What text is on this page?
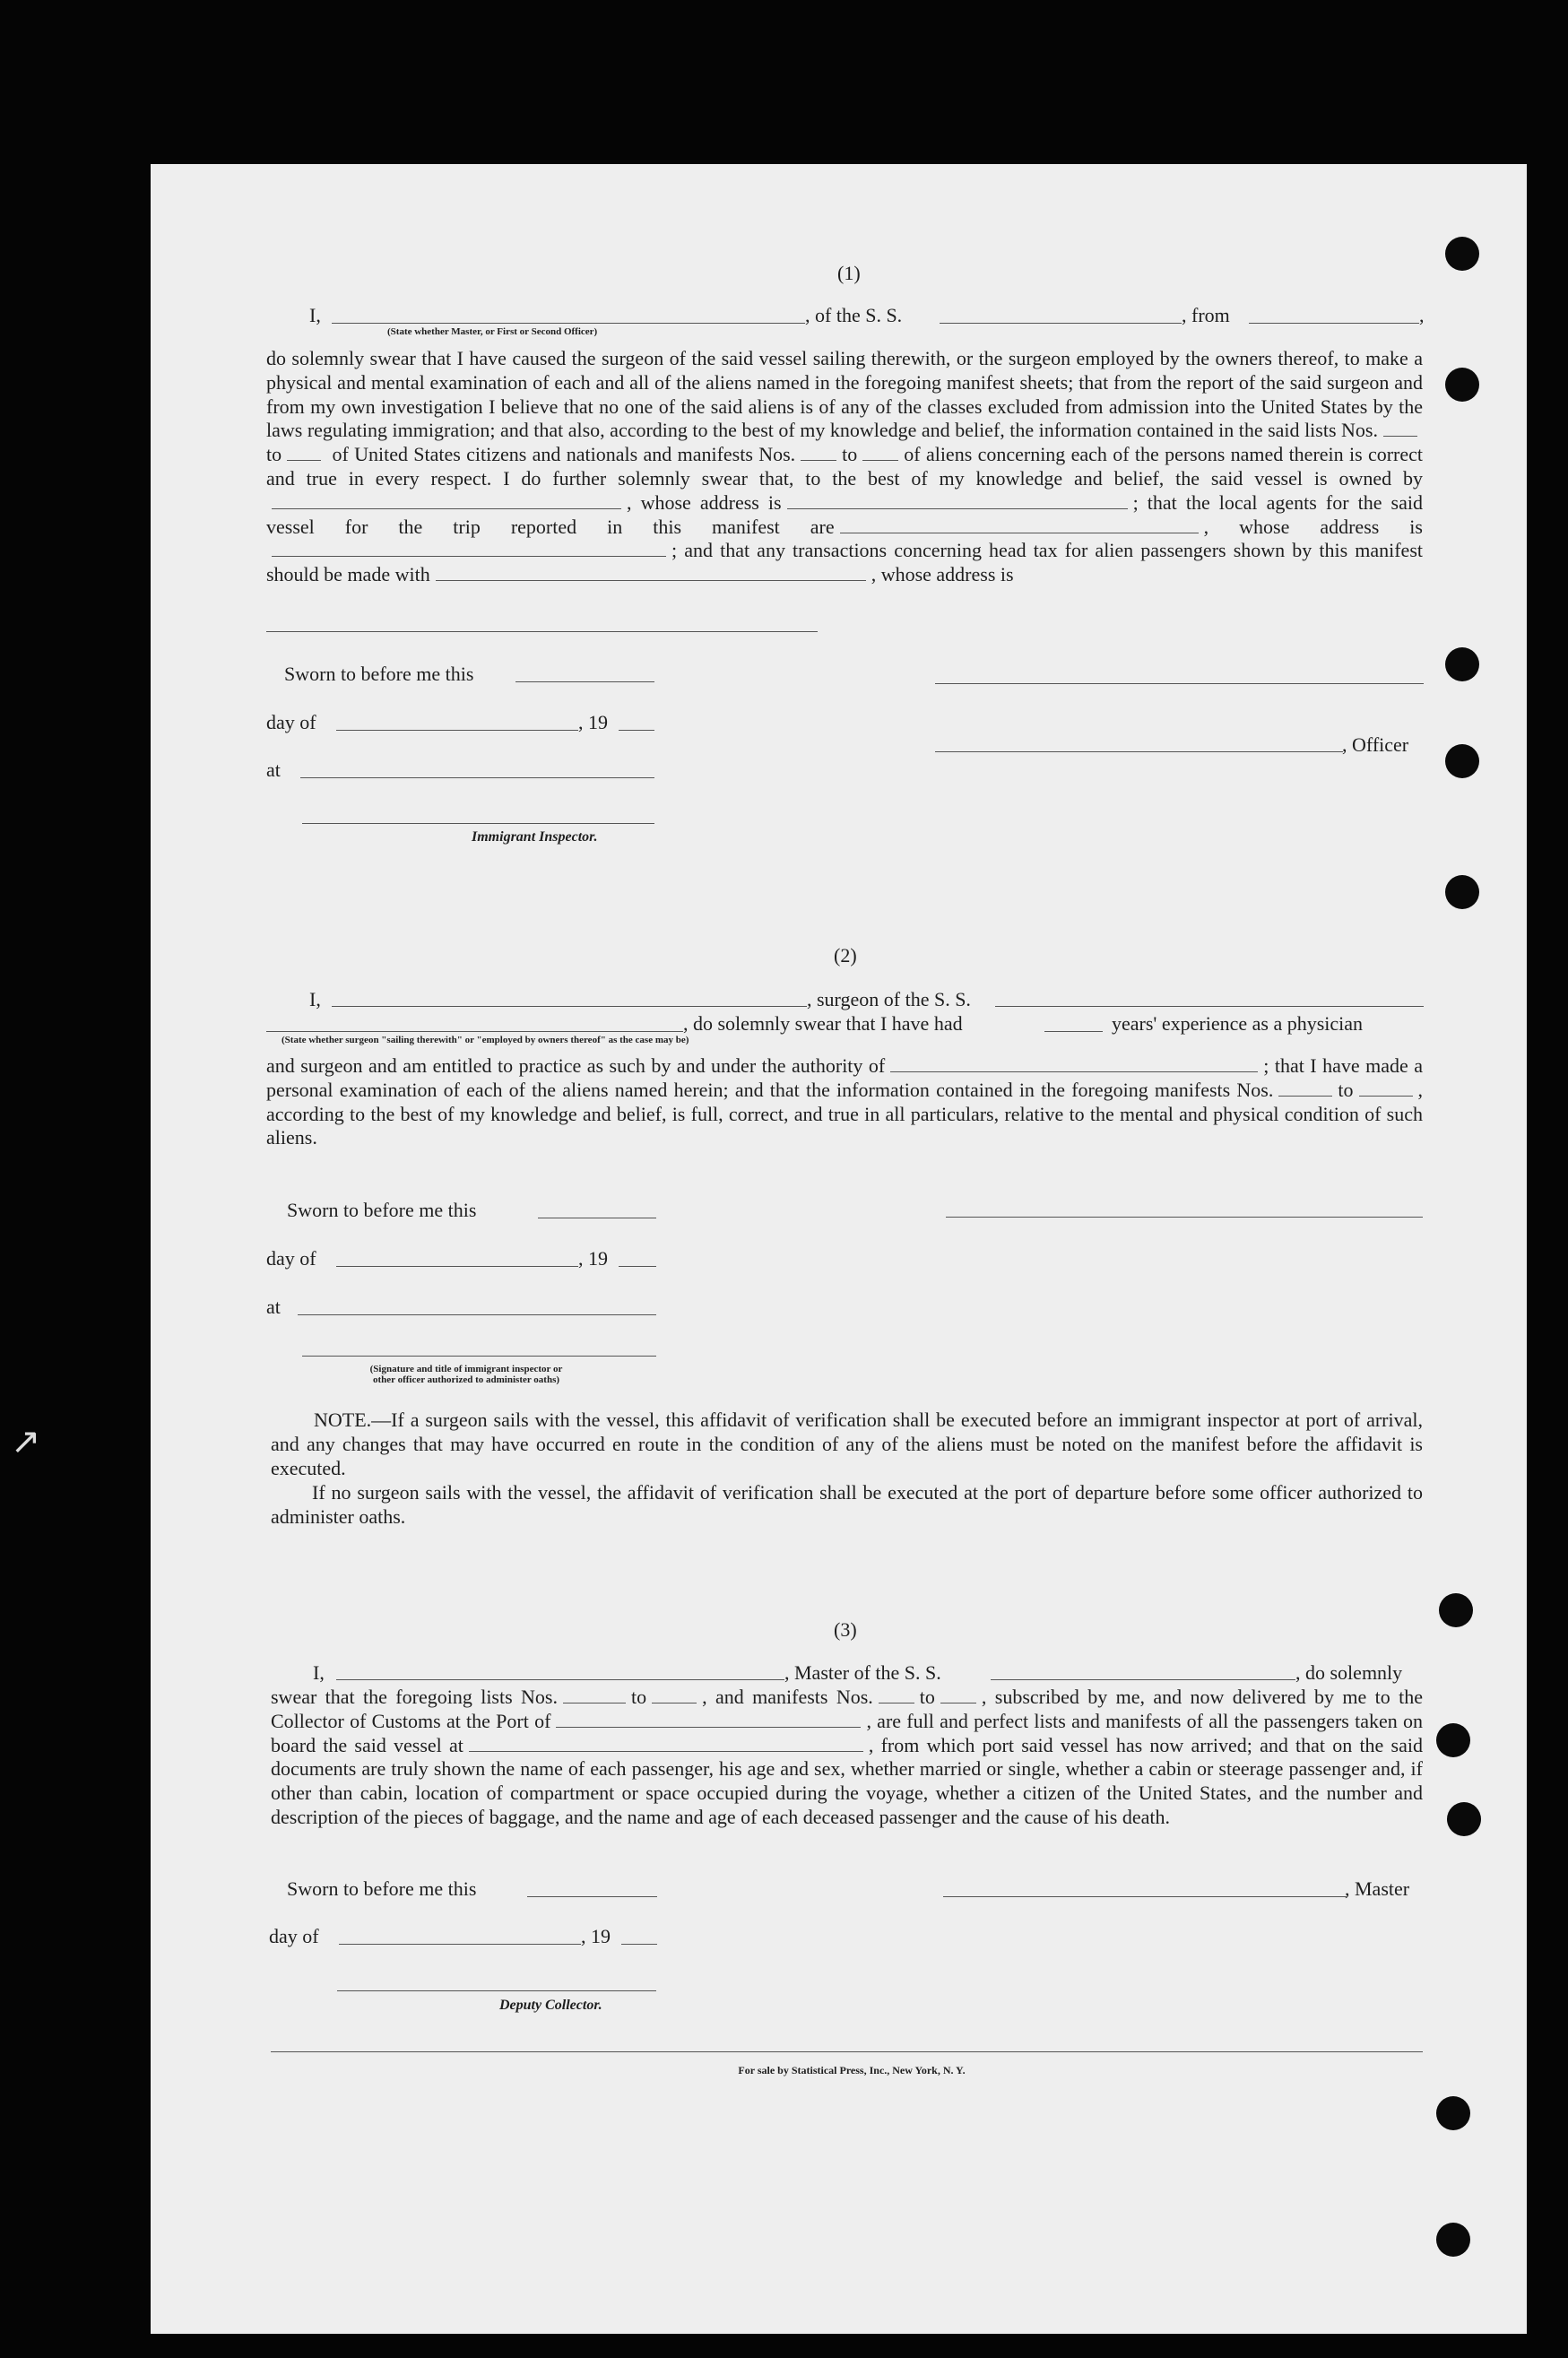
(1)
I,
(State whether Master, or First or Second Officer)
, of the S. S.	, from	,
do solemnly swear that I have caused the surgeon of the said vessel sailing therewith, or the surgeon employed by the owners thereof, to make a physical and mental examination of each and all of the aliens named in the foregoing manifest sheets; that from the report of the said surgeon and from my own investigation I believe that no one of the said aliens is of any of the classes excluded from admission into the United States by the laws regulating immigration; and that also, according to the best of my knowledge and belief, the information contained in the said lists Nos.to	of United States citizens and nationals and manifests Nos. to of aliens concerning each of the persons named therein is correct and true in every respect. I do further solemnly swear that, to the best of my knowledge and belief, the said vessel is owned by, whose address is	; that the local agents for the said vessel for the trip reported in this manifest are	, whose address is; and that any transactions concerning head tax for alien passengers shown by this manifest should be made with	, whose address is
Sworn to before me this
day of	, 19
, Officer
at
Immigrant Inspector.
(2)
I,	, surgeon of the S. S.
, do solemnly swear that I have had	years' experience as a physician
(State whether surgeon "sailing therewith" or "employed by owners thereof" as the case may be)
and surgeon and am entitled to practice as such by and under the authority of	; that I have made a personal examination of each of the aliens named herein; and that the information contained in the foregoing manifests Nos.	to	, according to the best of my knowledge and belief, is full, correct, and true in all particulars, relative to the mental and physical condition of such aliens.
Sworn to before me this
day of	, 19
at
(Signature and title of immigrant inspector or
other officer authorized to administer oaths)
NOTE.—If a surgeon sails with the vessel, this affidavit of verification shall be executed before an immigrant inspector at port of arrival, and any changes that may have occurred en route in the condition of any of the aliens must be noted on the manifest before the affidavit is executed.
If no surgeon sails with the vessel, the affidavit of verification shall be executed at the port of departure before some officer authorized to administer oaths.
(3)
I,	, Master of the S. S.	, do solemnly
swear that the foregoing lists Nos.	to	, and manifests Nos. to , subscribed by me, and now delivered by me to the Collector of Customs at the Port of	, are full and perfect lists and manifests of all the passengers taken on board the said vessel at	, from which port said vessel has now arrived; and that on the said documents are truly shown the name of each passenger, his age and sex, whether married or single, whether a cabin or steerage passenger and, if other than cabin, location of compartment or space occupied during the voyage, whether a citizen of the United States, and the number and description of the pieces of baggage, and the name and age of each deceased passenger and the cause of his death.
Sworn to before me this	, Master
day of	, 19
Deputy Collector.
For sale by Statistical Press, Inc., New York, N. Y.
↗
